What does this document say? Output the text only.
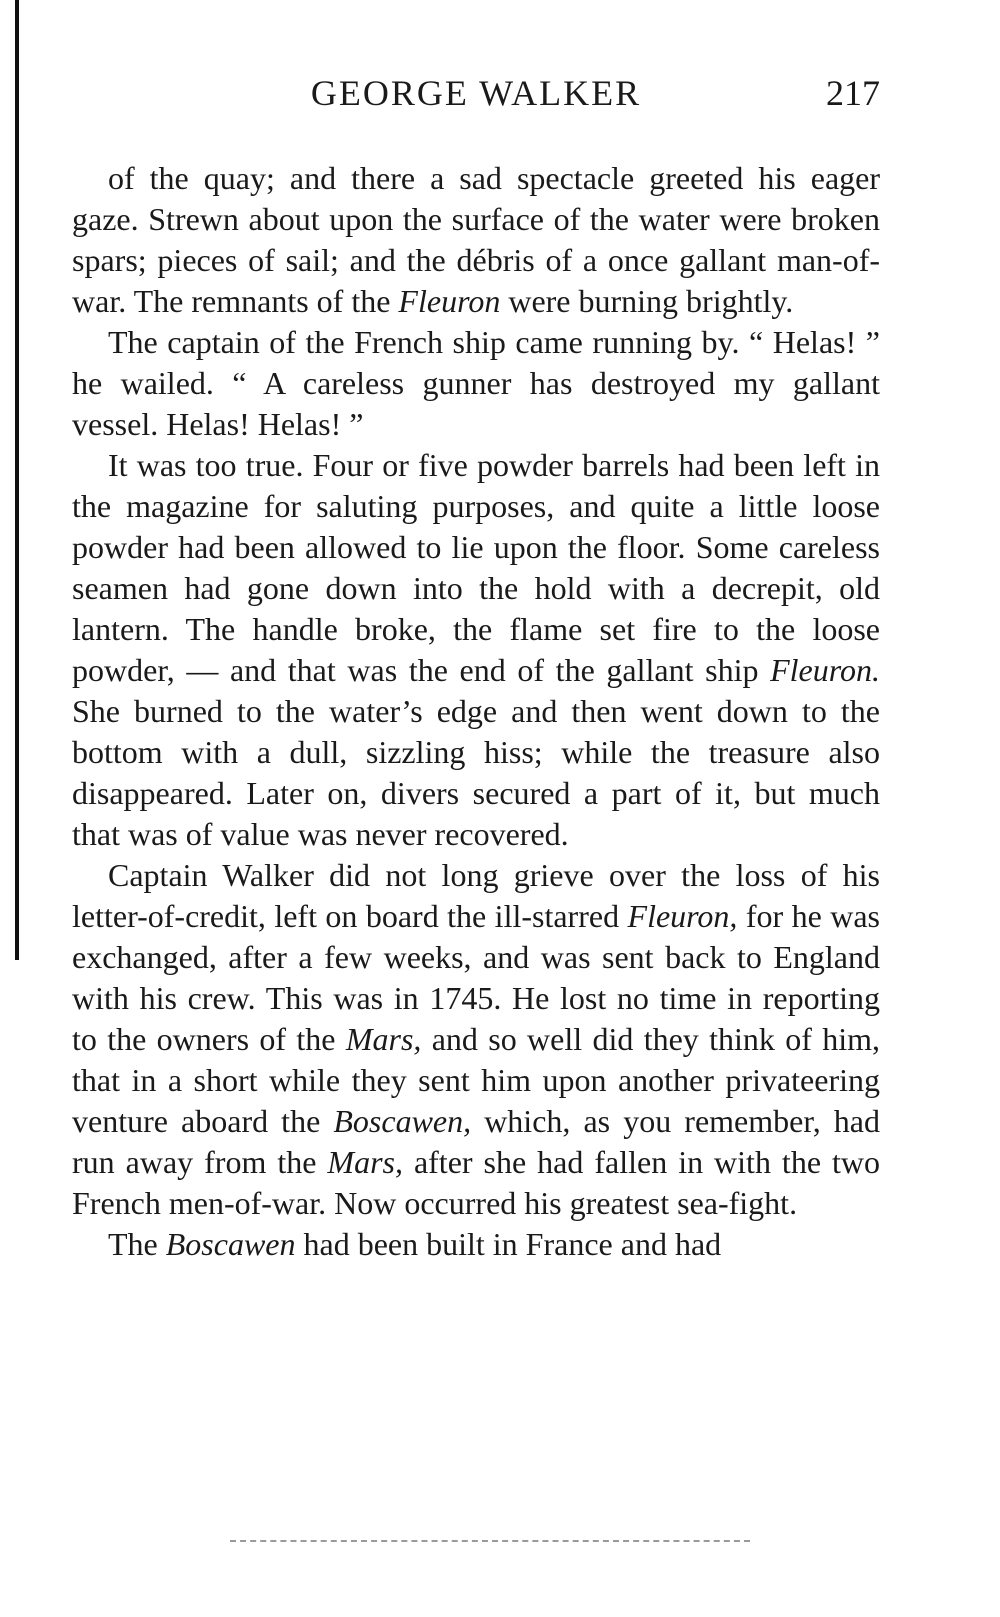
GEORGE WALKER	217

of the quay; and there a sad spectacle greeted his eager gaze. Strewn about upon the surface of the water were broken spars; pieces of sail; and the débris of a once gallant man-of-war. The remnants of the Fleuron were burning brightly.

The captain of the French ship came running by. “ Helas! ” he wailed. “ A careless gunner has destroyed my gallant vessel. Helas! Helas! ”

It was too true. Four or five powder barrels had been left in the magazine for saluting purposes, and quite a little loose powder had been allowed to lie upon the floor. Some careless seamen had gone down into the hold with a decrepit, old lantern. The handle broke, the flame set fire to the loose powder, — and that was the end of the gallant ship Fleuron. She burned to the water’s edge and then went down to the bottom with a dull, sizzling hiss; while the treasure also disappeared. Later on, divers secured a part of it, but much that was of value was never recovered.

Captain Walker did not long grieve over the loss of his letter-of-credit, left on board the ill-starred Fleuron, for he was exchanged, after a few weeks, and was sent back to England with his crew. This was in 1745. He lost no time in reporting to the owners of the Mars, and so well did they think of him, that in a short while they sent him upon another privateering venture aboard the Boscawen, which, as you remember, had run away from the Mars, after she had fallen in with the two French men-of-war. Now occurred his greatest sea-fight.

The Boscawen had been built in France and had
